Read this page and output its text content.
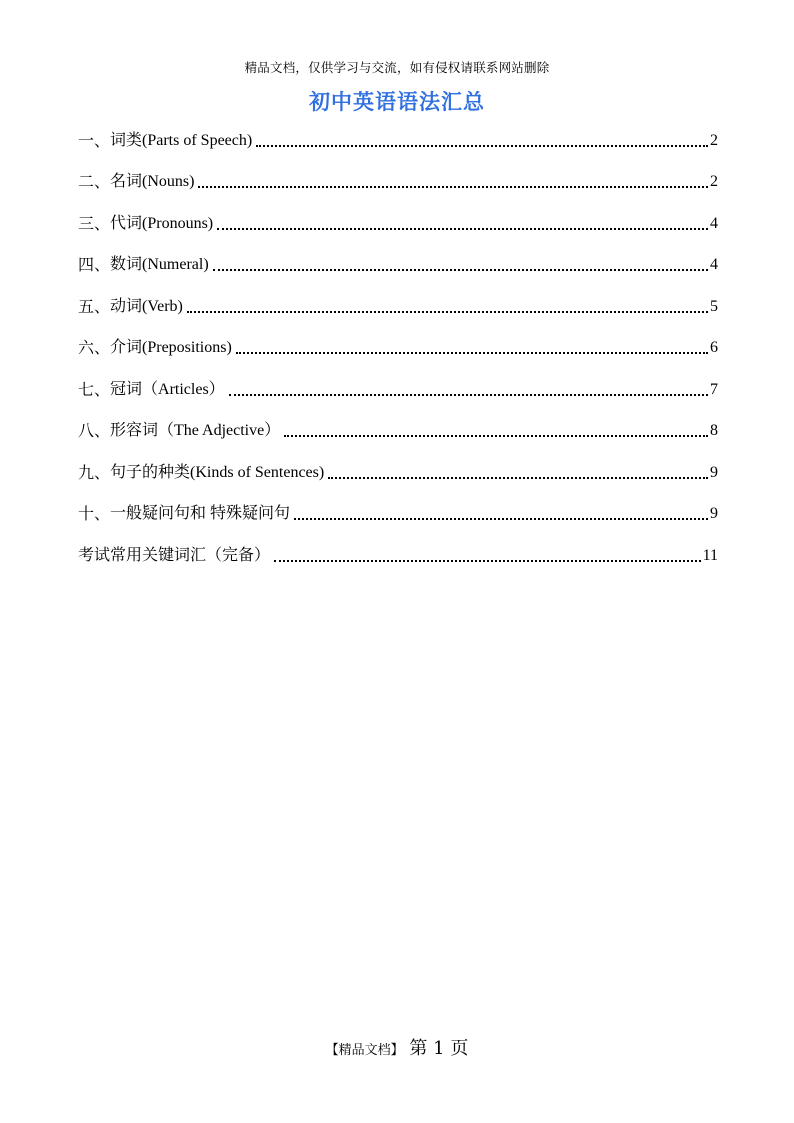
精品文档，仅供学习与交流，如有侵权请联系网站删除
初中英语语法汇总
一、 词类(Parts of Speech)	2
二、 名词(Nouns)	2
三、 代词(Pronouns)	4
四、 数词(Numeral)	4
五、 动词(Verb)	5
六、 介词(Prepositions)	6
七、 冠词（Articles）	7
八、 形容词（The Adjective）	8
九、 句子的种类(Kinds of Sentences)	9
十、 一般疑问句和 特殊疑问句	9
考试常用关键词汇（完备）	11
【精品文档】 第 1 页
